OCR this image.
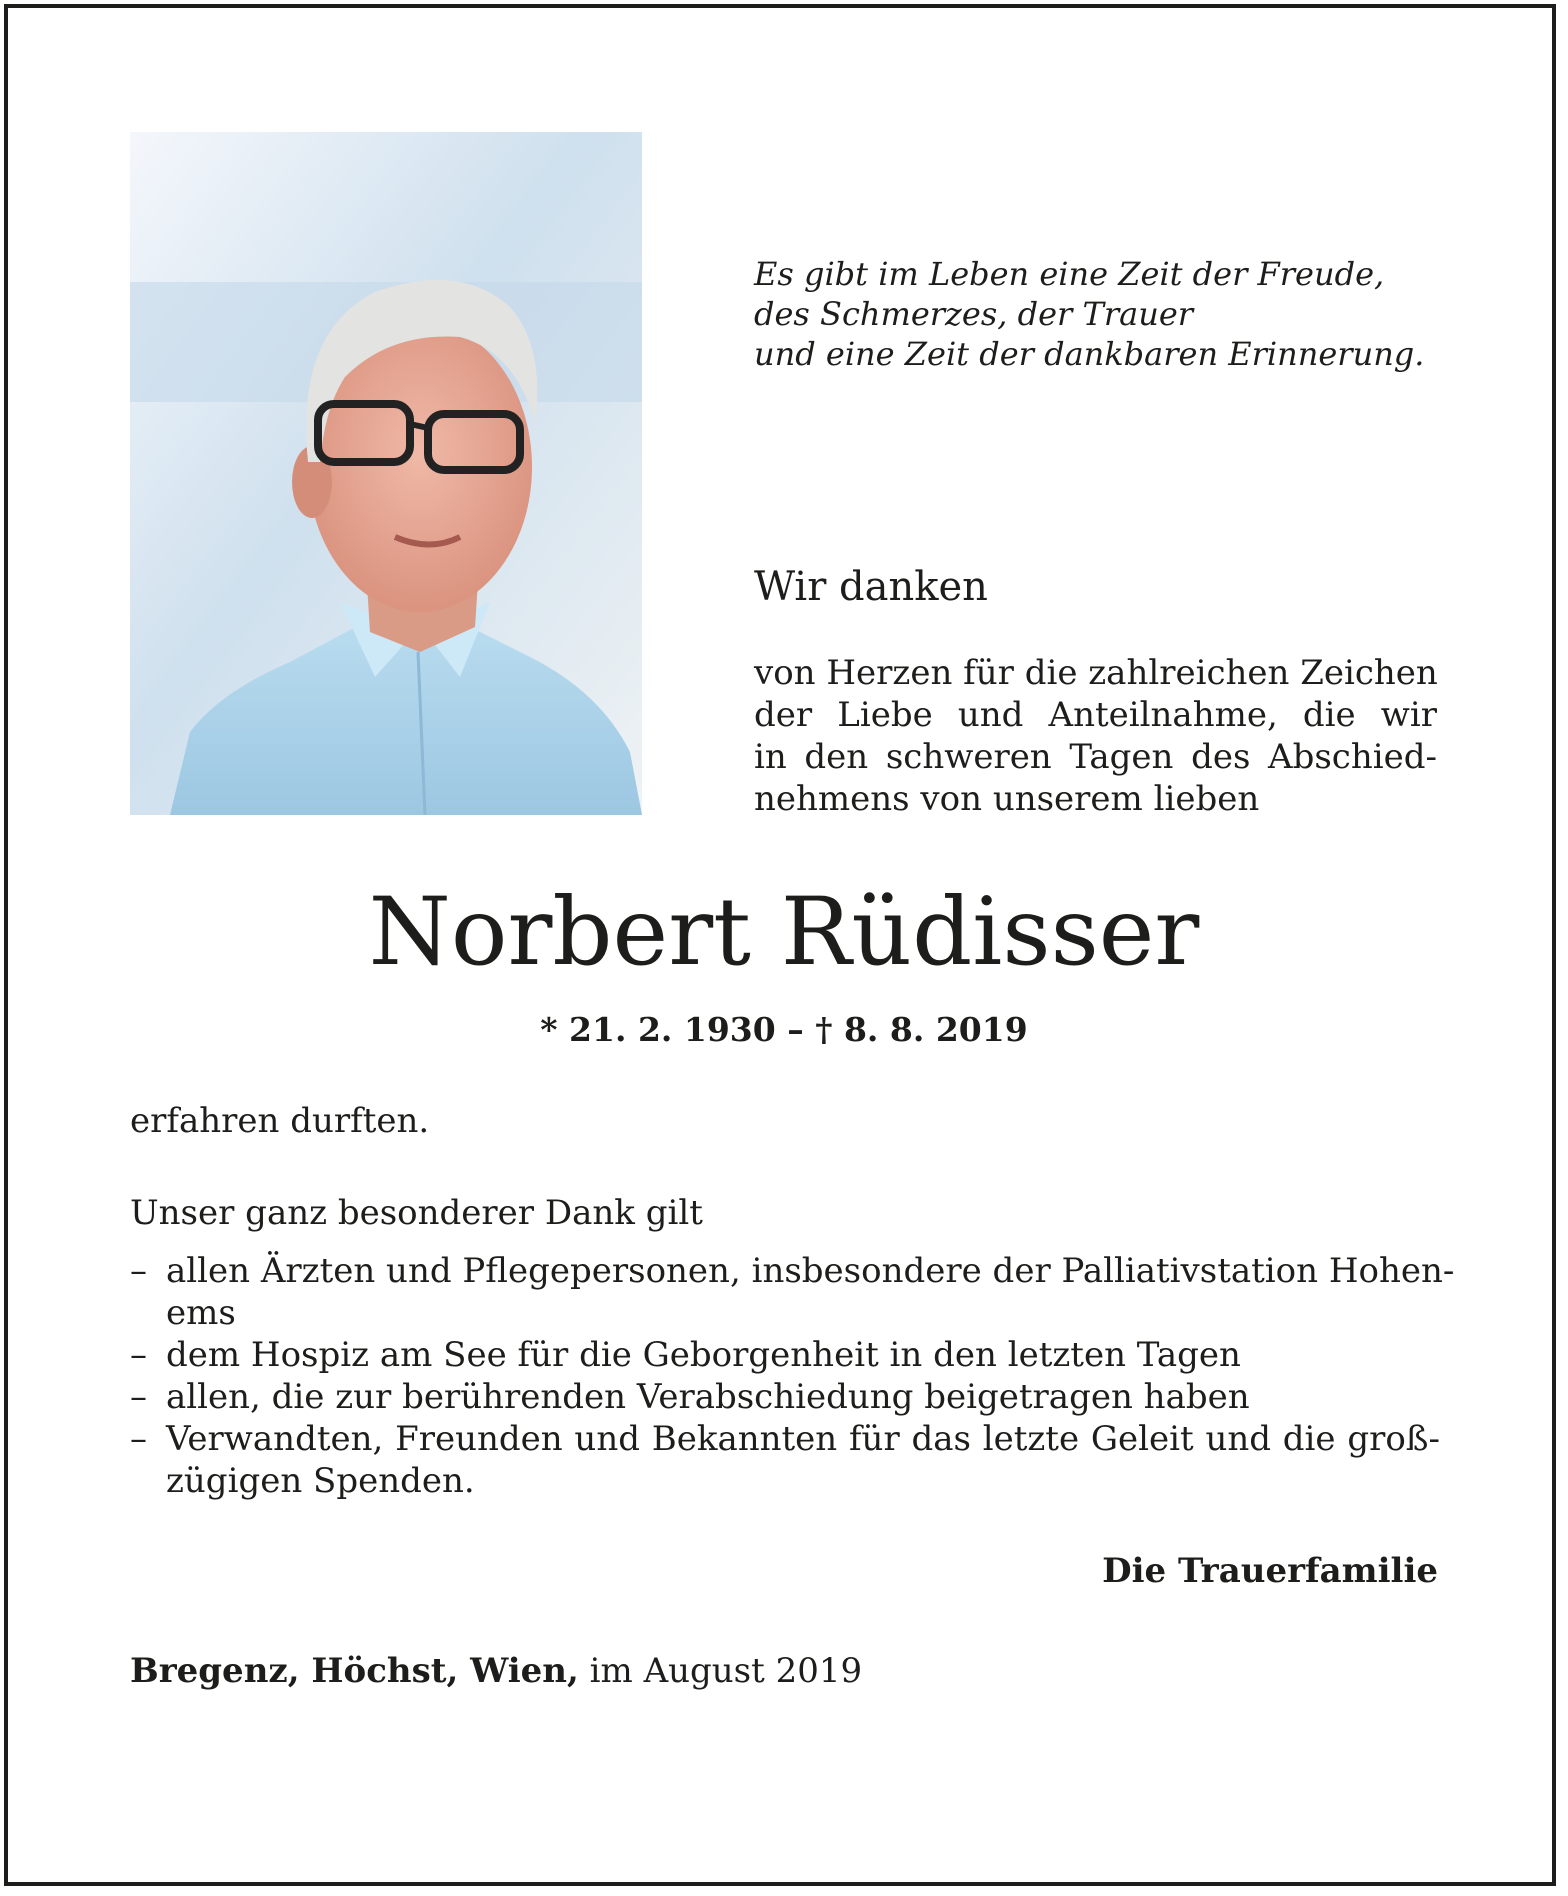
Es gibt im Leben eine Zeit der Freude,
des Schmerzes, der Trauer
und eine Zeit der dankbaren Erinnerung.
Wir danken
von Herzen für die zahlreichen Zeichen
der Liebe und Anteilnahme, die wir
in den schweren Tagen des Abschied-
nehmens von unserem lieben
Norbert Rüdisser
* 21. 2. 1930 – † 8. 8. 2019
erfahren durften.
Unser ganz besonderer Dank gilt
– allen Ärzten und Pflegepersonen, insbesondere der Palliativstation Hohen-
ems
– dem Hospiz am See für die Geborgenheit in den letzten Tagen
– allen, die zur berührenden Verabschiedung beigetragen haben
– Verwandten, Freunden und Bekannten für das letzte Geleit und die groß-
zügigen Spenden.
Die Trauerfamilie
Bregenz, Höchst, Wien, im August 2019
